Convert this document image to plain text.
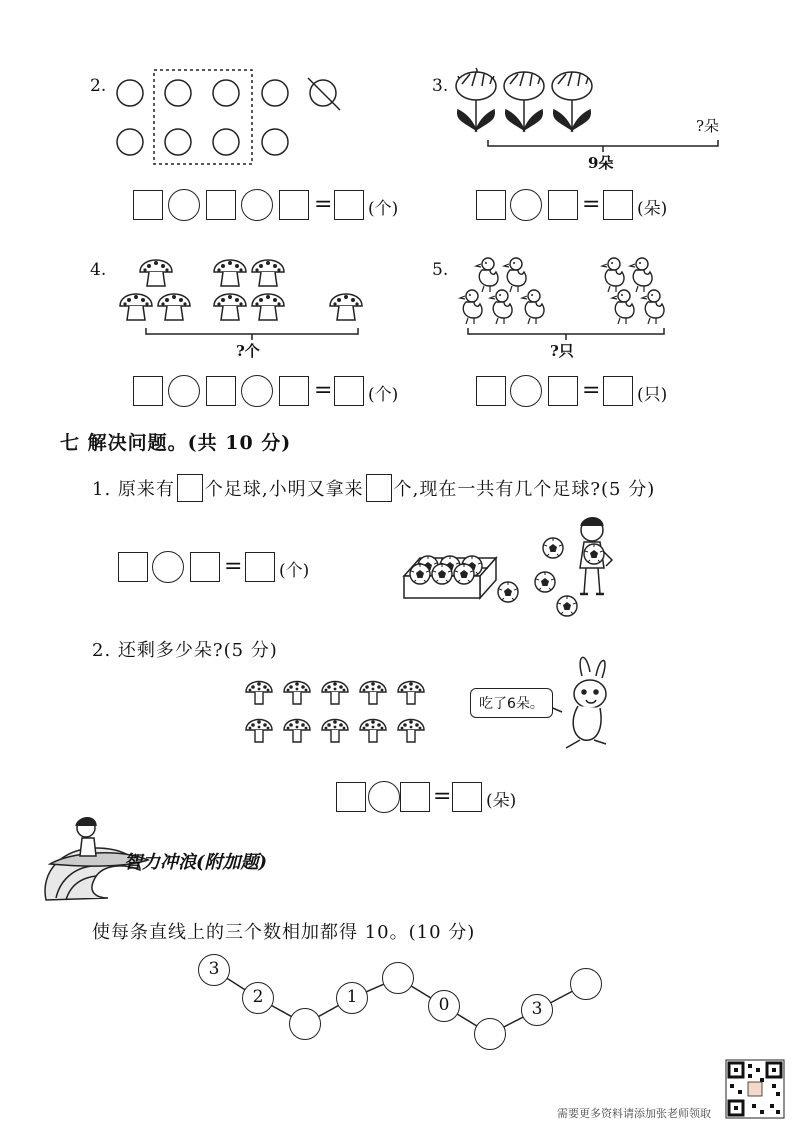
2.
= (个)
3.
?朵
9朵
= (朵)
4.
?个
= (个)
5.
?只
= (只)
七 解决问题。(共 10 分)
1. 原来有 个足球,小明又拿来 个,现在一共有几个足球?(5 分)
= (个)
2. 还剩多少朵?(5 分)
吃了6朵。
= (朵)
智力冲浪(附加题)
使每条直线上的三个数相加都得 10。(10 分)
3
2	1	0	3
需要更多资料请添加张老师领取
